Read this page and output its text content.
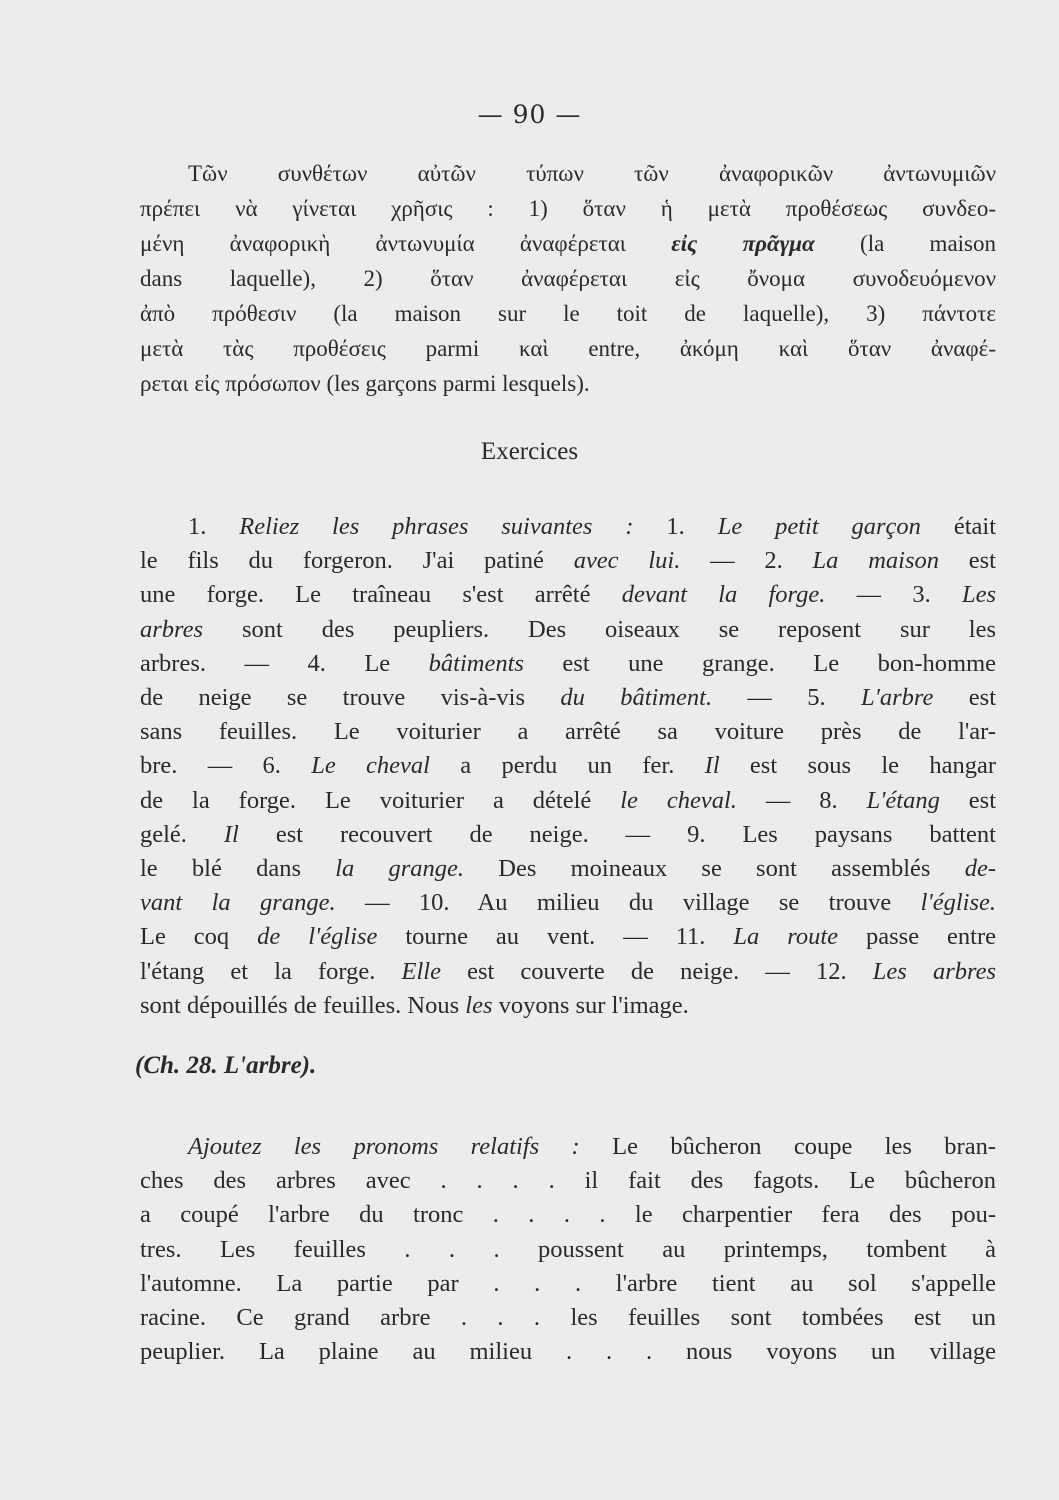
— 90 —
Τῶν συνθέτων αὐτῶν τύπων τῶν ἀναφορικῶν ἀντωνυμιῶν
πρέπει νὰ γίνεται χρῆσις : 1) ὅταν ἡ μετὰ προθέσεως συνδεο-
μένη ἀναφορικὴ ἀντωνυμία ἀναφέρεται εἰς πρᾶγμα (la maison
dans laquelle), 2) ὅταν ἀναφέρεται εἰς ὄνομα συνοδευόμενον
ἀπὸ πρόθεσιν (la maison sur le toit de laquelle), 3) πάντοτε
μετὰ τὰς προθέσεις parmi καὶ entre, ἀκόμη καὶ ὅταν ἀναφέ-
ρεται εἰς πρόσωπον (les garçons parmi lesquels).
Exercices
1. Reliez les phrases suivantes : 1. Le petit garçon était
le fils du forgeron. J'ai patiné avec lui. — 2. La maison est
une forge. Le traîneau s'est arrêté devant la forge. — 3. Les
arbres sont des peupliers. Des oiseaux se reposent sur les
arbres. — 4. Le bâtiments est une grange. Le bon-homme
de neige se trouve vis-à-vis du bâtiment. — 5. L'arbre est
sans feuilles. Le voiturier a arrêté sa voiture près de l'ar-
bre. — 6. Le cheval a perdu un fer. Il est sous le hangar
de la forge. Le voiturier a dételé le cheval. — 8. L'étang est
gelé. Il est recouvert de neige. — 9. Les paysans battent
le blé dans la grange. Des moineaux se sont assemblés de-
vant la grange. — 10. Au milieu du village se trouve l'église.
Le coq de l'église tourne au vent. — 11. La route passe entre
l'étang et la forge. Elle est couverte de neige. — 12. Les arbres
sont dépouillés de feuilles. Nous les voyons sur l'image.
(Ch. 28. L'arbre).
Ajoutez les pronoms relatifs : Le bûcheron coupe les bran-
ches des arbres avec . . . . il fait des fagots. Le bûcheron
a coupé l'arbre du tronc . . . . le charpentier fera des pou-
tres. Les feuilles . . . poussent au printemps, tombent à
l'automne. La partie par . . . l'arbre tient au sol s'appelle
racine. Ce grand arbre . . . les feuilles sont tombées est un
peuplier. La plaine au milieu . . . nous voyons un village
